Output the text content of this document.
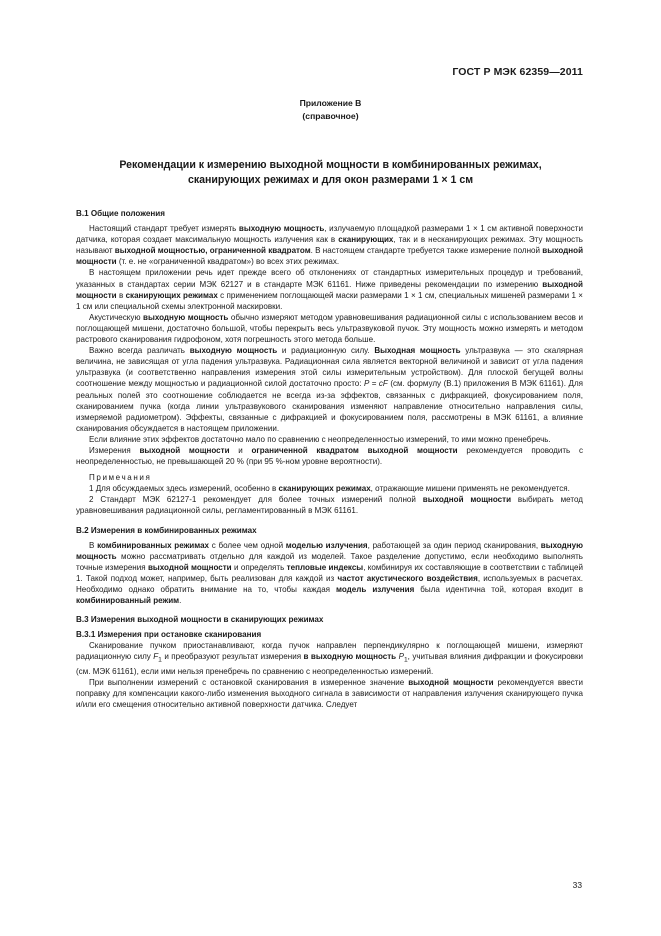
ГОСТ Р МЭК 62359—2011
Приложение В
(справочное)
Рекомендации к измерению выходной мощности в комбинированных режимах,
сканирующих режимах и для окон размерами 1 × 1 см
В.1 Общие положения

Настоящий стандарт требует измерять выходную мощность, излучаемую площадкой размерами 1 × 1 см активной поверхности датчика, которая создает максимальную мощность излучения как в сканирующих, так и в несканирующих режимах. Эту мощность называют выходной мощностью, ограниченной квадратом. В настоящем стандарте требуется также измерение полной выходной мощности (т. е. не «ограниченной квадратом») во всех этих режимах.

В настоящем приложении речь идет прежде всего об отклонениях от стандартных измерительных процедур и требований, указанных в стандартах серии МЭК 62127 и в стандарте МЭК 61161. Ниже приведены рекомендации по измерению выходной мощности в сканирующих режимах с применением поглощающей маски размерами 1 × 1 см, специальных мишеней размерами 1 × 1 см или специальной схемы электронной маскировки.

Акустическую выходную мощность обычно измеряют методом уравновешивания радиационной силы с использованием весов и поглощающей мишени, достаточно большой, чтобы перекрыть весь ультразвуковой пучок. Эту мощность можно измерять и методом растрового сканирования гидрофоном, хотя погрешность этого метода больше.

Важно всегда различать выходную мощность и радиационную силу. Выходная мощность ультразвука — это скалярная величина, не зависящая от угла падения ультразвука. Радиационная сила является векторной величиной и зависит от угла падения ультразвука (и соответственно направления измерения этой силы измерительным устройством). Для плоской бегущей волны соотношение между мощностью и радиационной силой достаточно просто: P = cF (см. формулу (В.1) приложения В МЭК 61161). Для реальных полей это соотношение соблюдается не всегда из-за эффектов, связанных с дифракцией, фокусированием поля, сканированием пучка (когда линии ультразвукового сканирования изменяют направление относительно направления силы, измеряемой радиометром). Эффекты, связанные с дифракцией и фокусированием поля, рассмотрены в МЭК 61161, а влияние сканирования обсуждается в настоящем приложении.

Если влияние этих эффектов достаточно мало по сравнению с неопределенностью измерений, то ими можно пренебречь.

Измерения выходной мощности и ограниченной квадратом выходной мощности рекомендуется проводить с неопределенностью, не превышающей 20 % (при 95 %-ном уровне вероятности).

Примечания

1 Для обсуждаемых здесь измерений, особенно в сканирующих режимах, отражающие мишени применять не рекомендуется.

2 Стандарт МЭК 62127-1 рекомендует для более точных измерений полной выходной мощности выбирать метод уравновешивания радиационной силы, регламентированный в МЭК 61161.

В.2 Измерения в комбинированных режимах

В комбинированных режимах с более чем одной моделью излучения, работающей за один период сканирования, выходную мощность можно рассматривать отдельно для каждой из моделей. Такое разделение допустимо, если необходимо выполнять точные измерения выходной мощности и определять тепловые индексы, комбинируя их составляющие в соответствии с таблицей 1. Такой подход может, например, быть реализован для каждой из частот акустического воздействия, используемых в расчетах. Необходимо однако обратить внимание на то, чтобы каждая модель излучения была идентична той, которая входит в комбинированный режим.

В.3 Измерения выходной мощности в сканирующих режимах
В.3.1 Измерения при остановке сканирования

Сканирование пучком приостанавливают, когда пучок направлен перпендикулярно к поглощающей мишени, измеряют радиационную силу $F_1$ и преобразуют результат измерения в выходную мощность $P_1$, учитывая влияния дифракции и фокусировки (см. МЭК 61161), если ими нельзя пренебречь по сравнению с неопределенностью измерений.

При выполнении измерений с остановкой сканирования в измеренное значение выходной мощности рекомендуется ввести поправку для компенсации какого-либо изменения выходного сигнала в зависимости от направления излучения сканирующего пучка и/или его смещения относительно активной поверхности датчика. Следует

33
